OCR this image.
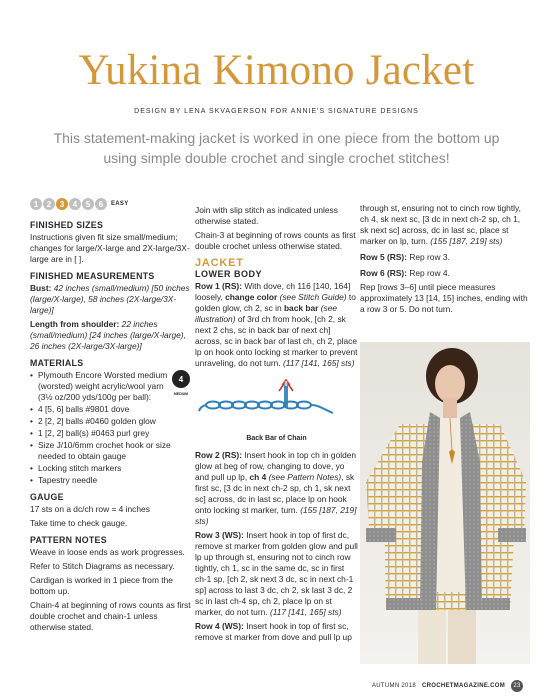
Yukina Kimono Jacket
DESIGN BY LENA SKVAGERSON FOR ANNIE'S SIGNATURE DESIGNS
This statement-making jacket is worked in one piece from the bottom up using simple double crochet and single crochet stitches!
1	2	3	4	5	6	EASY
FINISHED SIZES

Instructions given fit size small/medium; changes for large/X-large and 2X-large/3X-large are in [ ].

FINISHED MEASUREMENTS

Bust: 42 inches (small/medium) [50 inches (large/X-large), 58 inches (2X-large/3X-large)]

Length from shoulder: 22 inches (small/medium) [24 inches (large/X-large), 26 inches (2X-large/3X-large)]

MATERIALS
• Plymouth Encore Worsted medium (worsted) weight acrylic/wool yarn (3½ oz/200 yds/100g per ball):
4 MEDIUM
• 4 [5, 6] balls #9801 dove
• 2 [2, 2] balls #0460 golden glow
• 1 [2, 2] ball(s) #0463 purl grey
• Size J/10/6mm crochet hook or size needed to obtain gauge
• Locking stitch markers
• Tapestry needle
GAUGE

17 sts on a dc/ch row = 4 inches

Take time to check gauge.

PATTERN NOTES

Weave in loose ends as work progresses.

Refer to Stitch Diagrams as necessary.

Cardigan is worked in 1 piece from the bottom up.

Chain-4 at beginning of rows counts as first double crochet and chain-1 unless otherwise stated.

Join with slip stitch as indicated unless otherwise stated.

Chain-3 at beginning of rows counts as first double crochet unless otherwise stated.

JACKET
LOWER BODY

Row 1 (RS): With dove, ch 116 [140, 164] loosely, change color (see Stitch Guide) to golden glow, ch 2, sc in back bar (see illustration) of 3rd ch from hook, [ch 2, sk next 2 chs, sc in back bar of next ch] across, sc in back bar of last ch, ch 2, place lp on hook onto locking st marker to prevent unraveling, do not turn. (117 [141, 165] sts)

Back Bar of Chain

Row 2 (RS): Insert hook in top ch in golden glow at beg of row, changing to dove, yo and pull up lp, ch 4 (see Pattern Notes), sk first sc, [3 dc in next ch-2 sp, ch 1, sk next sc] across, dc in last sc, place lp on hook onto locking st marker, turn. (155 [187, 219] sts)

Row 3 (WS): Insert hook in top of first dc, remove st marker from golden glow and pull lp up through st, ensuring not to cinch row tightly, ch 1, sc in the same dc, sc in first ch-1 sp, [ch 2, sk next 3 dc, sc in next ch-1 sp] across to last 3 dc, ch 2, sk last 3 dc, 2 sc in last ch-4 sp, ch 2, place lp on st marker, do not turn. (117 [141, 165] sts)

Row 4 (WS): Insert hook in top of first sc, remove st marker from dove and pull lp up

through st, ensuring not to cinch row tightly, ch 4, sk next sc, [3 dc in next ch-2 sp, ch 1, sk next sc] across, dc in last sc, place st marker on lp, turn. (155 [187, 219] sts)

Row 5 (RS): Rep row 3.

Row 6 (RS): Rep row 4.

Rep [rows 3–6] until piece measures approximately 13 [14, 15] inches, ending with a row 3 or 5. Do not turn.

AUTUMN 2018 CROCHETMAGAZINE.COM	23
